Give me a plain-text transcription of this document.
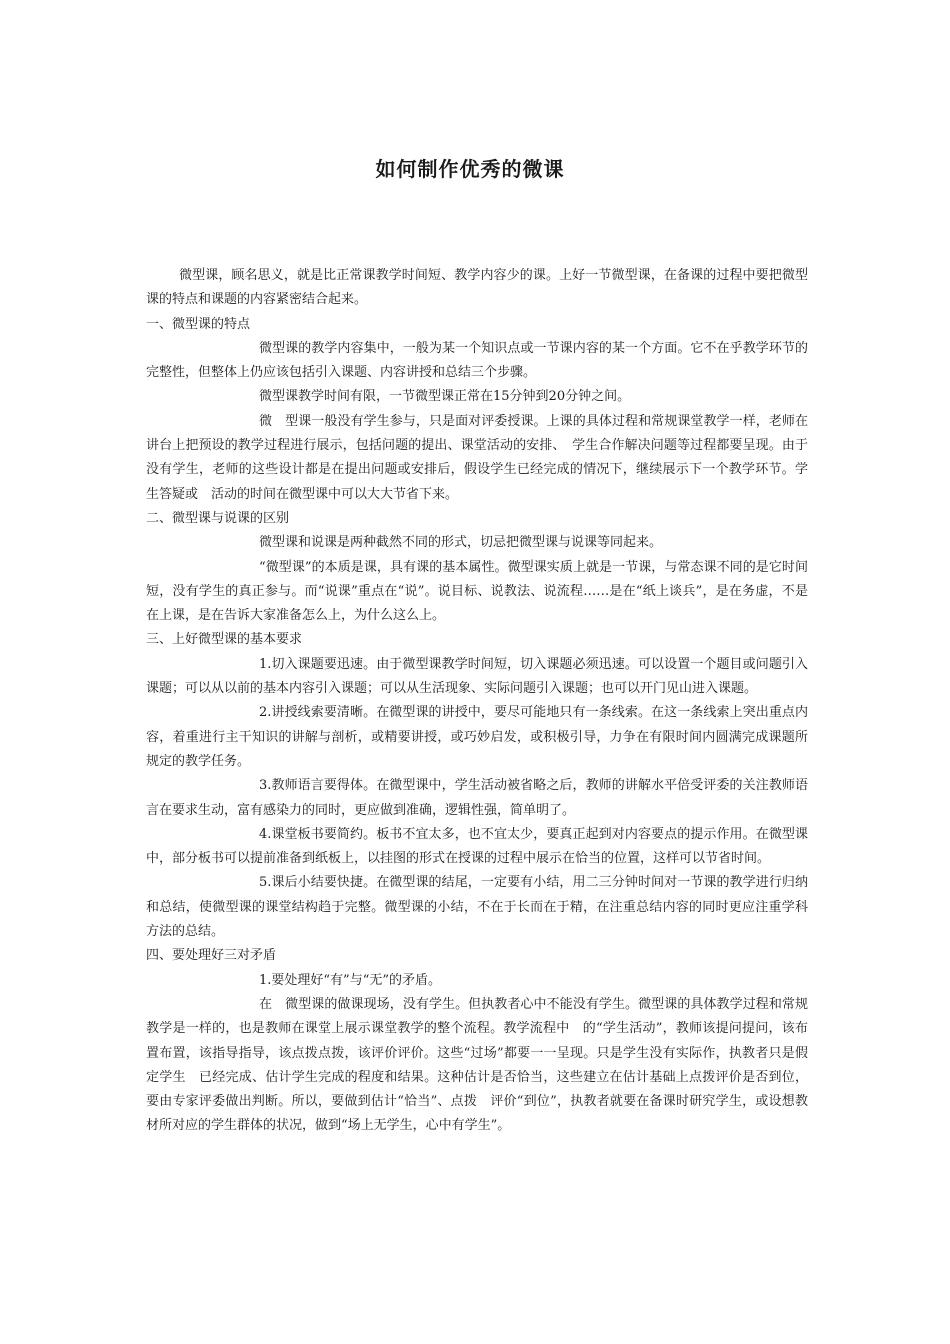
如何制作优秀的微课

微型课，顾名思义，就是比正常课教学时间短、教学内容少的课。上好一节微型课，在备课的过程中要把微型课的特点和课题的内容紧密结合起来。

一、微型课的特点

微型课的教学内容集中，一般为某一个知识点或一节课内容的某一个方面。它不在乎教学环节的完整性，但整体上仍应该包括引入课题、内容讲授和总结三个步骤。

微型课教学时间有限，一节微型课正常在15分钟到20分钟之间。

微　型课一般没有学生参与，只是面对评委授课。上课的具体过程和常规课堂教学一样，老师在讲台上把预设的教学过程进行展示，包括问题的提出、课堂活动的安排、　学生合作解决问题等过程都要呈现。由于没有学生，老师的这些设计都是在提出问题或安排后，假设学生已经完成的情况下，继续展示下一个教学环节。学生答疑或　活动的时间在微型课中可以大大节省下来。

二、微型课与说课的区别

微型课和说课是两种截然不同的形式，切忌把微型课与说课等同起来。

“微型课”的本质是课，具有课的基本属性。微型课实质上就是一节课，与常态课不同的是它时间短，没有学生的真正参与。而“说课”重点在“说”。说目标、说教法、说流程……是在“纸上谈兵”，是在务虚，不是在上课，是在告诉大家准备怎么上，为什么这么上。

三、上好微型课的基本要求

1.切入课题要迅速。由于微型课教学时间短，切入课题必须迅速。可以设置一个题目或问题引入课题；可以从以前的基本内容引入课题；可以从生活现象、实际问题引入课题；也可以开门见山进入课题。

2.讲授线索要清晰。在微型课的讲授中，要尽可能地只有一条线索。在这一条线索上突出重点内容，着重进行主干知识的讲解与剖析，或精要讲授，或巧妙启发，或积极引导，力争在有限时间内圆满完成课题所规定的教学任务。

3.教师语言要得体。在微型课中，学生活动被省略之后，教师的讲解水平倍受评委的关注教师语言在要求生动，富有感染力的同时，更应做到准确，逻辑性强，简单明了。

4.课堂板书要简约。板书不宜太多，也不宜太少，要真正起到对内容要点的提示作用。在微型课中，部分板书可以提前准备到纸板上，以挂图的形式在授课的过程中展示在恰当的位置，这样可以节省时间。

5.课后小结要快捷。在微型课的结尾，一定要有小结，用二三分钟时间对一节课的教学进行归纳和总结，使微型课的课堂结构趋于完整。微型课的小结，不在于长而在于精，在注重总结内容的同时更应注重学科方法的总结。

四、要处理好三对矛盾

1.要处理好“有”与“无”的矛盾。

在　微型课的做课现场，没有学生。但执教者心中不能没有学生。微型课的具体教学过程和常规教学是一样的，也是教师在课堂上展示课堂教学的整个流程。教学流程中　的“学生活动”，教师该提问提问，该布置布置，该指导指导，该点拨点拨，该评价评价。这些“过场”都要一一呈现。只是学生没有实际作，执教者只是假定学生　已经完成、估计学生完成的程度和结果。这种估计是否恰当，这些建立在估计基础上点拨评价是否到位，要由专家评委做出判断。所以，要做到估计“恰当”、点拨　评价“到位”，执教者就要在备课时研究学生，或设想教材所对应的学生群体的状况，做到“场上无学生，心中有学生”。
